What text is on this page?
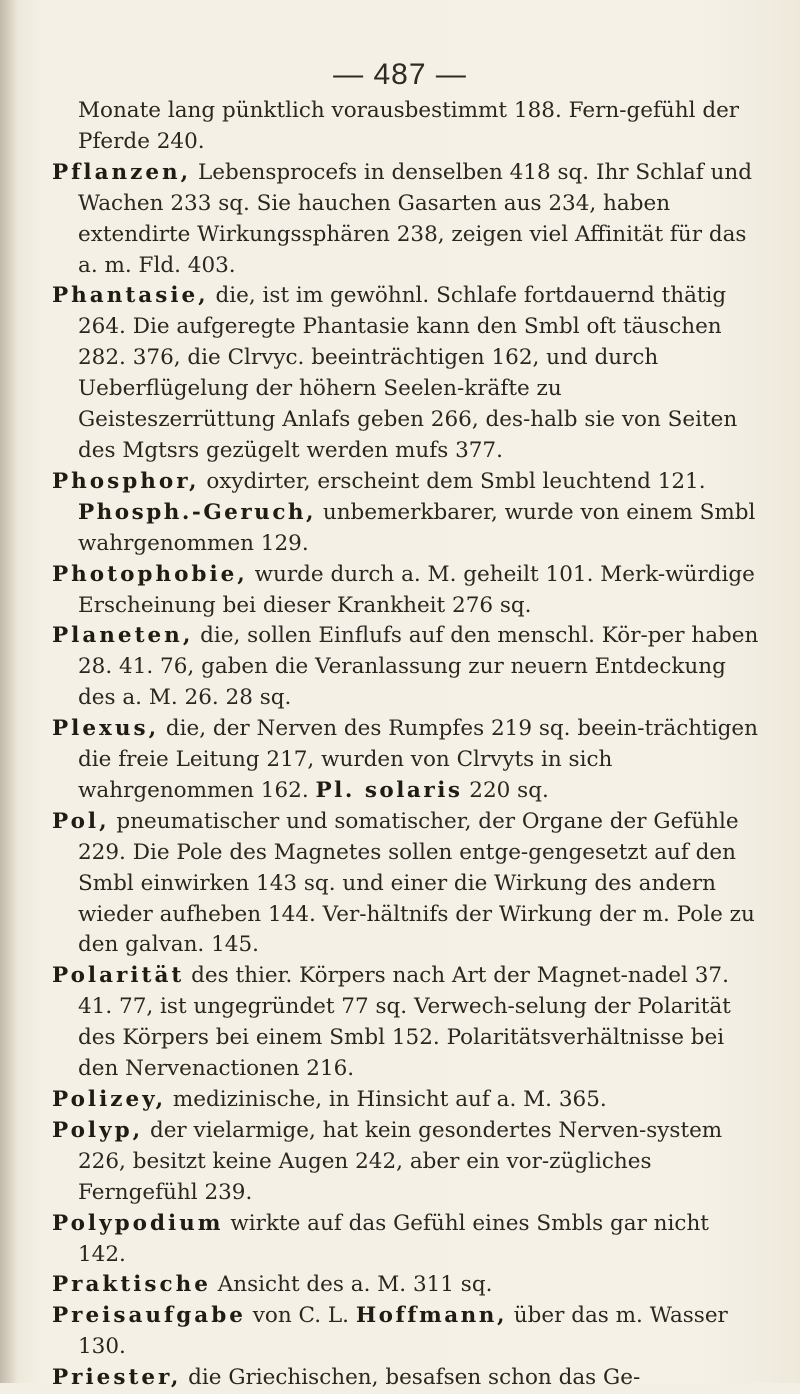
— 487 —

Monate lang pünktlich vorausbestimmt 188. Fern-gefühl der Pferde 240.

Pflanzen, Lebensprocefs in denselben 418 sq. Ihr Schlaf und Wachen 233 sq. Sie hauchen Gasarten aus 234, haben extendirte Wirkungssphären 238, zeigen viel Affinität für das a. m. Fld. 403.

Phantasie, die, ist im gewöhnl. Schlafe fortdauernd thätig 264. Die aufgeregte Phantasie kann den Smbl oft täuschen 282. 376, die Clrvyc. beeinträchtigen 162, und durch Ueberflügelung der höhern Seelen-kräfte zu Geisteszerrüttung Anlafs geben 266, des-halb sie von Seiten des Mgtsrs gezügelt werden mufs 377.

Phosphor, oxydirter, erscheint dem Smbl leuchtend 121. Phosph.-Geruch, unbemerkbarer, wurde von einem Smbl wahrgenommen 129.

Photophobie, wurde durch a. M. geheilt 101. Merk-würdige Erscheinung bei dieser Krankheit 276 sq.

Planeten, die, sollen Einflufs auf den menschl. Kör-per haben 28. 41. 76, gaben die Veranlassung zur neuern Entdeckung des a. M. 26. 28 sq.

Plexus, die, der Nerven des Rumpfes 219 sq. beein-trächtigen die freie Leitung 217, wurden von Clrvyts in sich wahrgenommen 162. Pl. solaris 220 sq.

Pol, pneumatischer und somatischer, der Organe der Gefühle 229. Die Pole des Magnetes sollen entge-gengesetzt auf den Smbl einwirken 143 sq. und einer die Wirkung des andern wieder aufheben 144. Ver-hältnifs der Wirkung der m. Pole zu den galvan. 145.

Polarität des thier. Körpers nach Art der Magnet-nadel 37. 41. 77, ist ungegründet 77 sq. Verwech-selung der Polarität des Körpers bei einem Smbl 152. Polaritätsverhältnisse bei den Nervenactionen 216.

Polizey, medizinische, in Hinsicht auf a. M. 365.

Polyp, der vielarmige, hat kein gesondertes Nerven-system 226, besitzt keine Augen 242, aber ein vor-zügliches Ferngefühl 239.

Polypodium wirkte auf das Gefühl eines Smbls gar nicht 142.

Praktische Ansicht des a. M. 311 sq.

Preisaufgabe von C. L. Hoffmann, über das m. Wasser 130.

Priester, die Griechischen, besafsen schon das Ge-
